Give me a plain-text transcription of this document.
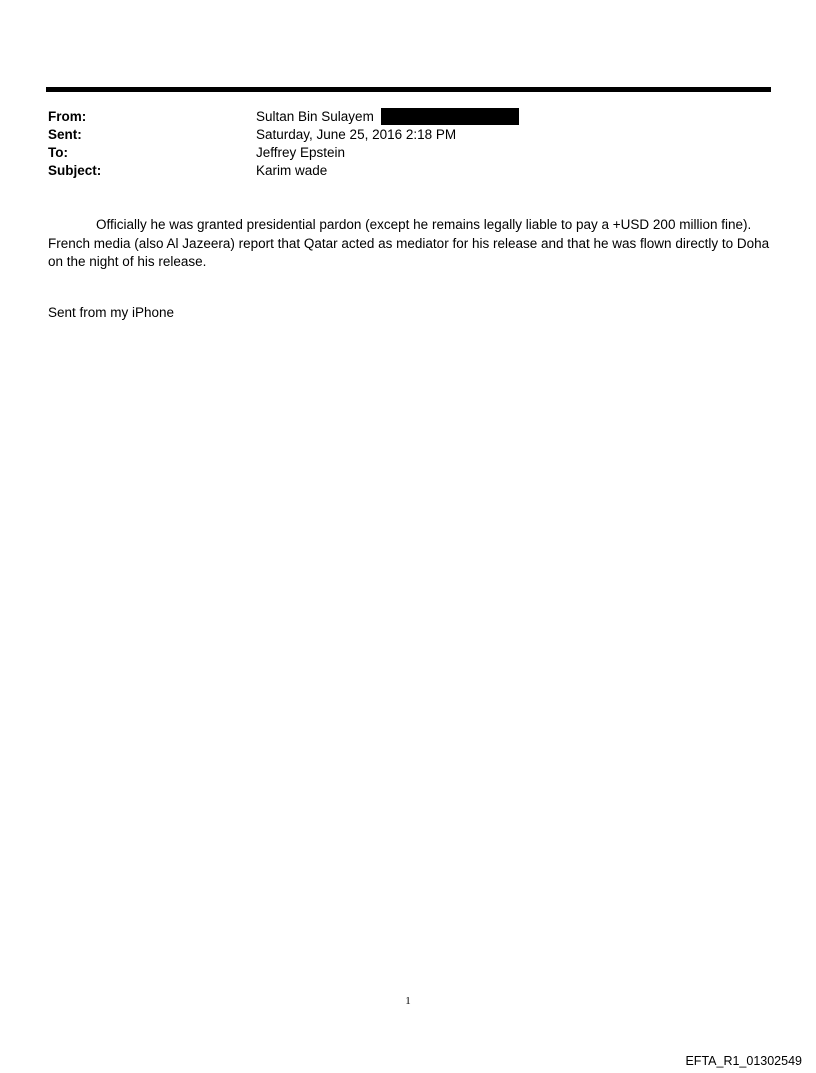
From:	Sultan Bin Sulayem
Sent:	Saturday, June 25, 2016 2:18 PM
To:	Jeffrey Epstein
Subject:	Karim wade

Officially he was granted presidential pardon (except he remains legally liable to pay a +USD 200 million fine). French media (also Al Jazeera) report that Qatar acted as mediator for his release and that he was flown directly to Doha on the night of his release.

Sent from my iPhone
1
EFTA_R1_01302549
